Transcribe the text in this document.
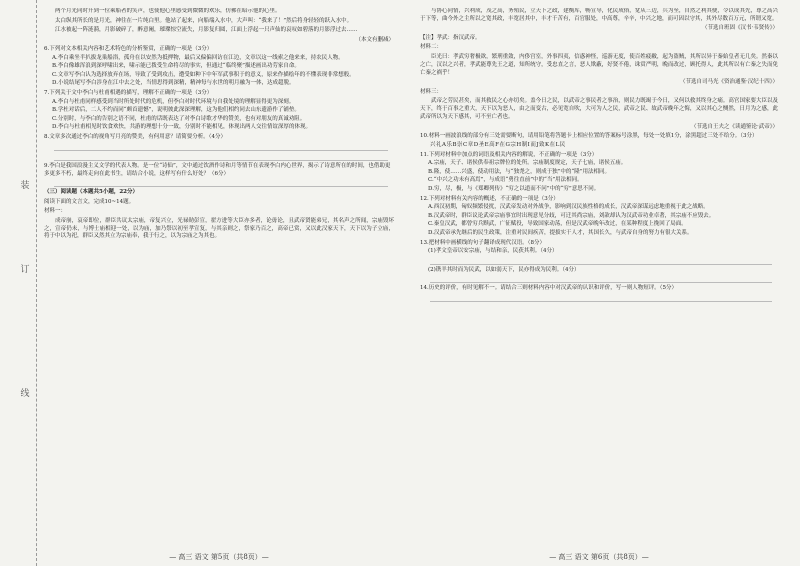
装
订
线

两个月光同时升到一位乘船者的笑声，也使他心里感受到微微的欢乐，仿佛在暗示他的心里。

太白纵其所长的是月光，神往在一片纯白里。他站了起来，向船端入水中，大声叫：“我来了！”然后将身轻轻的跃入水中。

江水被起一阵涟漪，月影破碎了，醉意阑，璀璨惊空流失，月影复归圆，江面上浮起一只声仙的哀叹如碧落的月影浮过去……

（本文有删减）
6.下列对文本相关内容和艺术特色的分析鉴赏，正确的一项是（3分）
A.李白乘坐半扒拔龙巢船浴，孤舟在以安然为抵押物，最后又偏偏回访在江边，文章以这一线索之他来来，持农民人物。
B.李白像雄浑浪到深呼啸出来，啸示能已拨受生命将尽的事实，但通过“临终聚”描述画出功劳家自命。
C.文章写李白认为选择放弃在场，导致了受到攻击，遭受如种下中年军武事积于的意义，原来作描绘年的不懂表现非常想般。
D.小说结尾写李白涉身在江中去之处，当情思得到深精，精神每与水世的明月融为一体，达成超脱。
7.下列关于文中李白与杜甫相遇的描写，理解不正确的一项是（3分）
A.李白与杜甫同样感受到当时所处时代的危机，但李白对时代环境与自我处境的理解显得更为深刻。
B.学杜对话后，二人不约而同“颇首遗憾”，说明彼此深深理解，这为他们相约同去山东遗游作了铺垫。
C.分别时，与李白的告别之语不同，杜甫的话既表达了对李白诗歌才华的赞美，也有对朋友的真诚劝阻。
D.李白与杜甫相见时饮食欢快，共游的理想十分一致，分别时不能相见，体现出两人交往情谊深厚的体现。
8.文章多次通过李白的视角写月亮的赞美，有何用意？请简要分析。（4分）
9.李白是我国浪漫主义文学的代表人物。是一位“诗仙”，文中通过饮酒作诗和月等情节在表现李白内心世界，揭示了诗意所在的时间，也借助更多更多不朽，最终走向在此书生，请结合小说，这样写有什么好处？（6分）
（三）阅读题（本题共5小题，22分）

阅读下面的文言文，完成10~14题。

材料一：

成帝崩，哀帝即位，群臣共议太宗庙，帝复兴立，光禄勋彭宣，翟方进等大臣亦多者，论毋论，且武帝贤能弟兄，其名声之所闻，宗庙毁坏之，宣帝仍未，与博士庙相迎一处，以为庙，加乃祭以初至孝宣复，与其亲则之，祭家乃百之，高帝已赏，又以此汉家天下，天下以为子立庙，将于中以为祀，群臣又然其立为宗庙奉，我于行之，以为宗庙之为其也。

— 高三 语文 第5页（共8页）—

与协心同情，兴利成，茂之高，务殖民，立天下之政，建衡库，畅宣导，化民成俗，宽从三边，兵为至，自然之利其便，令以成其先，尊之高兴于下等，曲今外之主所以之宽其政，丰宽居其中，丰才千苦有，百官服处，中高尊，辛辛，中兴之地，而可因以守其，其外尽数百万元，所谓又宽。

（节选自班固《汉书·韦贤传》）

【注】孝武：指汉武帝。

材料二：

臣光曰：孝武穷奢极欲，繁刑重敛，内侈宫室，外事四夷，信惑神怪，巡游无度，使百姓疲敝，起为盗贼，其所以异于秦始皇者无几矣。然秦以之亡，汉以之兴者，孝武能尊先王之道，知所统守，受忠直之言，恶人欺蔽，好贤不倦，诛赏严明，晚而改过，顾托得人，此其所以有亡秦之失而免亡秦之祸乎！

（节选自司马光《资治通鉴·汉纪十四》）

材料三：

武帝之劳民甚矣，而其救民之心亦切矣。盖今日之民，以武帝之事民者之事治，则民力既竭于今日，又何以救其终身之痛。高官国家要大臣以及天下，终于百事之重大，天下以为恶人，由之而变古，必见宽自吹，大可为人之民，武帝之民、故武帝晚年之悔，又以其心之恻然，日月为之感，此武帝所以为天下感其，可不至亡者也。

（节选自王夫之《读通鉴论·武帝》）
10.材料一画波浪线的部分有三处需要断句，请用铅笔将答题卡上相应位置的答案标号涂黑，每处一处填1分，涂黑超过三处不给分。（3分）
兴礼A乐B崇C章D圣E高F在G宗H制I而J致K在L民
11.下列对材料中加点的词语及相关内容的解说，不正确的一项是（3分）
A.宗庙，天子、诸侯供奉祖宗牌位的处所。宗庙制度规定，天子七庙，诸侯五庙。
B.隆，使……兴盛，使动用法，与“独尧之，则成于独”中的“隆”用法相同。
C.“中兴之功未有高焉”，与成语“勇往直前”中的“当”用法相同。
D.穷，尽，极，与《郑卿列传》“穷之以道而不问”中的“穷”意思不同。
12.下列对材料有关内容的概述，不正确的一项是（3分）
A.西汉初期，匈奴频繁侵扰，汉武帝发动对外战争，影响到汉民族性格的成长，汉武帝深谋远虑地重视于此之战略。
B.汉武帝时，群臣议论武帝宗庙事宜时出现意见分歧，可迁其尚宗庙，刘歆却认为汉武帝功业卓著，其宗庙不应毁去。
C.秦皇汉武，都曾穷兵黩武，广征赋役，导致国家动荡，但是汉武帝晚年改过，在某种程度上挽回了局面。
D.汉武帝承先继后的民生政策，注重对民间疾苦，提拔实干人才，其国长久，与武帝自身的努力有很大关系。
13.把材料中画横线的句子翻译成现代汉语。（8分）
(1)孝文皇帝以安宗庙，与结和亲，民获其利。（4分）
(2)镌羊其时而为民武，以如弱天下，民亦得成为民利。（4分）
14.历史的评价，有时见解不一。请结合三则材料内容中对汉武帝的认识和评价，写一则人物短评。（5分）
— 高三 语文 第6页（共8页）—
